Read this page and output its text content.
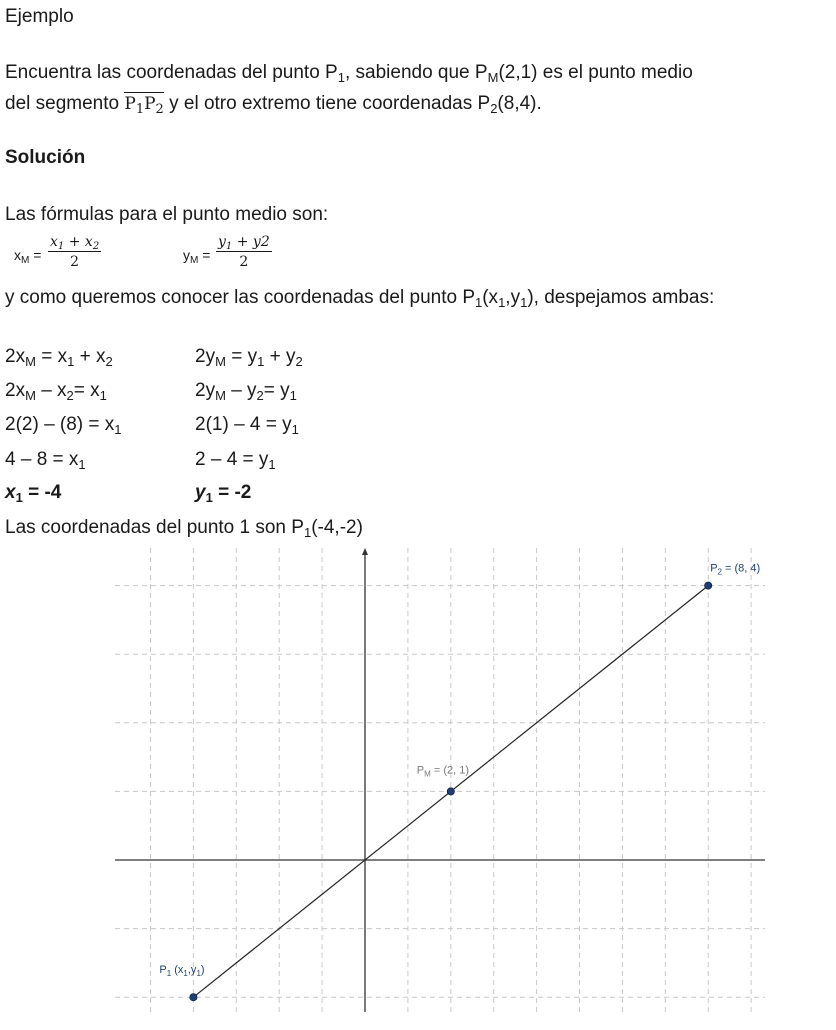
Ejemplo
Encuentra las coordenadas del punto $P_1$, sabiendo que $P_M(2,1)$ es el punto medio
del segmento $P_1P_2$ y el otro extremo tiene coordenadas $P_2(8,4)$.
Solución
Las fórmulas para el punto medio son:
$x_M = \frac{x_1 + x_2}{2}$	$y_M = \frac{y_1 + y2}{2}$
y como queremos conocer las coordenadas del punto $P_1(x_1,y_1)$, despejamos ambas:
$2x_M = x_1 + x_2$
$2x_M - x_2= x_1$
$2(2) - (8) = x_1$
$4 - 8 = x_1$
$x_1 = -4$
$2y_M = y_1 + y_2$
$2y_M - y_2= y_1$
$2(1) - 4 = y_1$
$2 - 4 = y_1$
$y_1 = -2$
Las coordenadas del punto 1 son $P_1(-4,-2)$
$P_1$ $(x_1,y_1)$
$P_M = (2$, 1)
$P_2 = (8$, 4)
